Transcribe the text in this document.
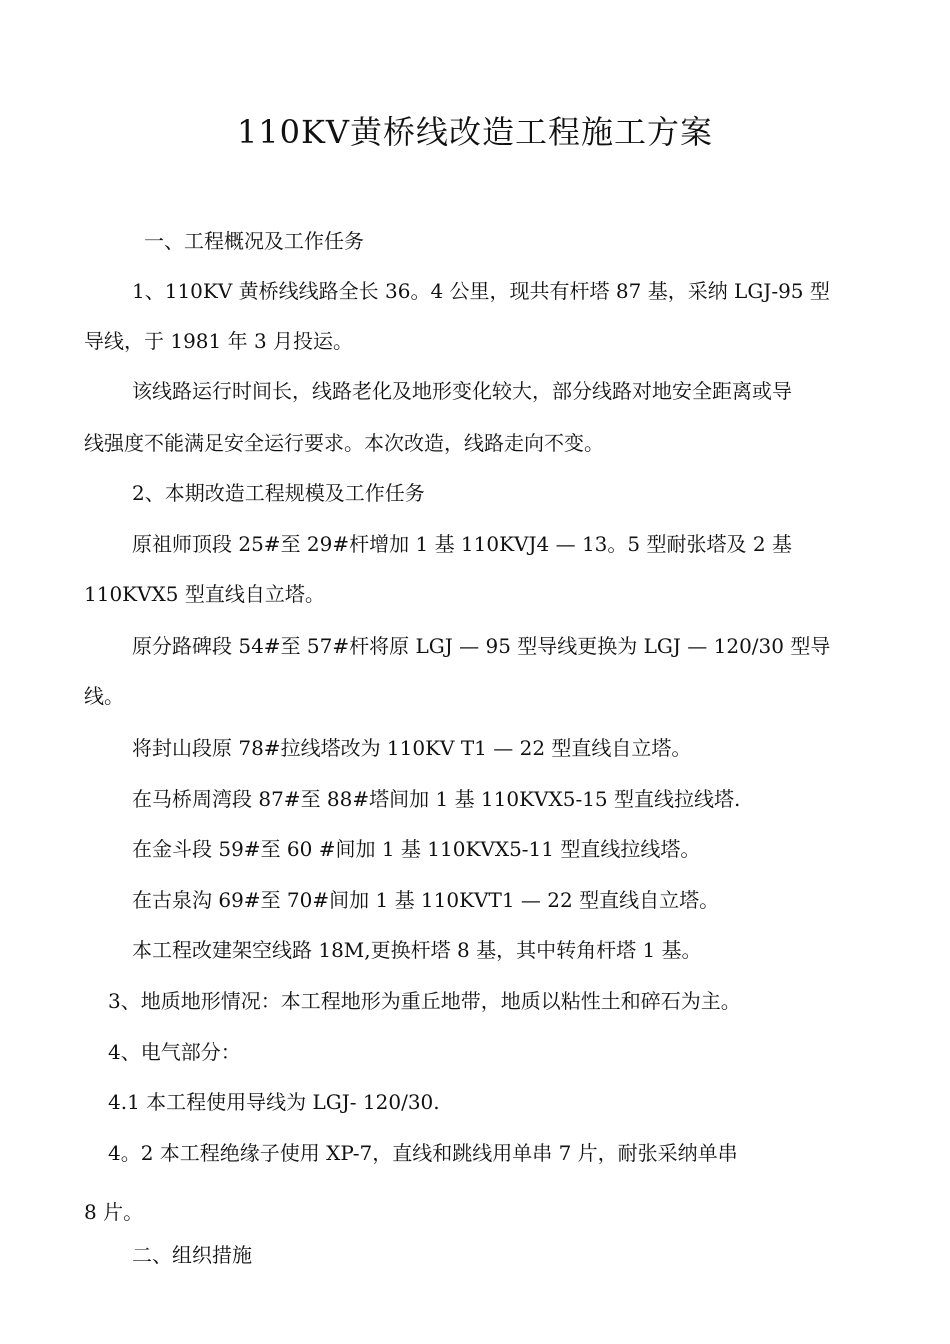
110KV黄桥线改造工程施工方案

一、工程概况及工作任务

1、110KV 黄桥线线路全长 36。4 公里，现共有杆塔 87 基，采纳 LGJ-95 型

导线，于 1981 年 3 月投运。

该线路运行时间长，线路老化及地形变化较大，部分线路对地安全距离或导

线强度不能满足安全运行要求。本次改造，线路走向不变。

2、本期改造工程规模及工作任务

原祖师顶段 25#至 29#杆增加 1 基 110KVJ4 — 13。5 型耐张塔及 2 基

110KVX5 型直线自立塔。

原分路碑段 54#至 57#杆将原 LGJ — 95 型导线更换为 LGJ — 120/30 型导

线。

将封山段原 78#拉线塔改为 110KV T1 — 22 型直线自立塔。

在马桥周湾段 87#至 88#塔间加 1 基 110KVX5-15 型直线拉线塔.

在金斗段 59#至 60 #间加 1 基 110KVX5-11 型直线拉线塔。

在古泉沟 69#至 70#间加 1 基 110KVT1 — 22 型直线自立塔。

本工程改建架空线路 18M,更换杆塔 8 基，其中转角杆塔 1 基。

3、地质地形情况：本工程地形为重丘地带，地质以粘性土和碎石为主。

4、电气部分：

4.1 本工程使用导线为 LGJ- 120/30.

4。2 本工程绝缘子使用 XP-7，直线和跳线用单串 7 片，耐张采纳单串

8 片。

二、组织措施
